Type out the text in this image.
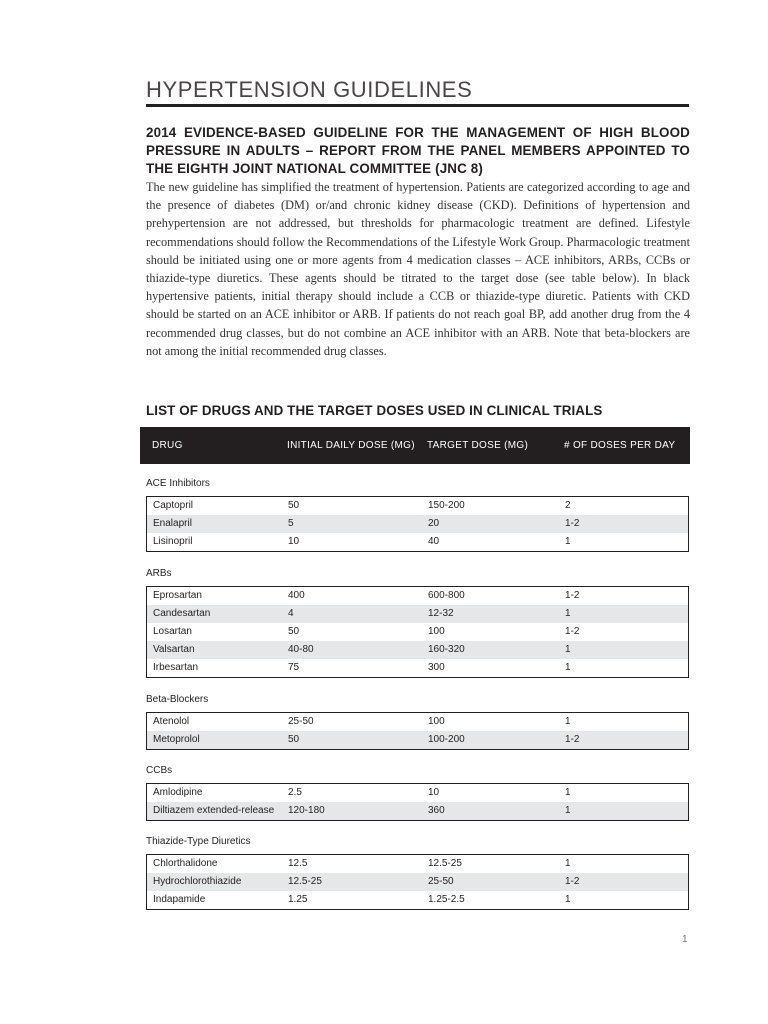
HYPERTENSION GUIDELINES
2014 EVIDENCE-BASED GUIDELINE FOR THE MANAGEMENT OF HIGH BLOOD PRESSURE IN ADULTS – REPORT FROM THE PANEL MEMBERS APPOINTED TO THE EIGHTH JOINT NATIONAL COMMITTEE (JNC 8)

The new guideline has simplified the treatment of hypertension. Patients are categorized according to age and the presence of diabetes (DM) or/and chronic kidney disease (CKD). Definitions of hypertension and prehypertension are not addressed, but thresholds for pharmacologic treatment are defined. Lifestyle recommendations should follow the Recommendations of the Lifestyle Work Group. Pharmacologic treatment should be initiated using one or more agents from 4 medication classes – ACE inhibitors, ARBs, CCBs or thiazide-type diuretics. These agents should be titrated to the target dose (see table below). In black hypertensive patients, initial therapy should include a CCB or thiazide-type diuretic. Patients with CKD should be started on an ACE inhibitor or ARB. If patients do not reach goal BP, add another drug from the 4 recommended drug classes, but do not combine an ACE inhibitor with an ARB. Note that beta-blockers are not among the initial recommended drug classes.

LIST OF DRUGS AND THE TARGET DOSES USED IN CLINICAL TRIALS
DRUG	INITIAL DAILY DOSE (MG) TARGET DOSE (MG)	# OF DOSES PER DAY
ACE Inhibitors
Captopril	50	150-200	2
Enalapril	5	20	1-2
Lisinopril	10	40	1
ARBs
Eprosartan	400	600-800	1-2
Candesartan	4	12-32	1
Losartan	50	100	1-2
Valsartan	40-80	160-320	1
Irbesartan	75	300	1
Beta-Blockers
Atenolol	25-50	100	1
Metoprolol	50	100-200	1-2
CCBs
Amlodipine	2.5	10	1
Diltiazem extended-release 120-180	360	1
Thiazide-Type Diuretics
Chlorthalidone	12.5	12.5-25	1
Hydrochlorothiazide	12.5-25	25-50	1-2
Indapamide	1.25	1.25-2.5	1
1
